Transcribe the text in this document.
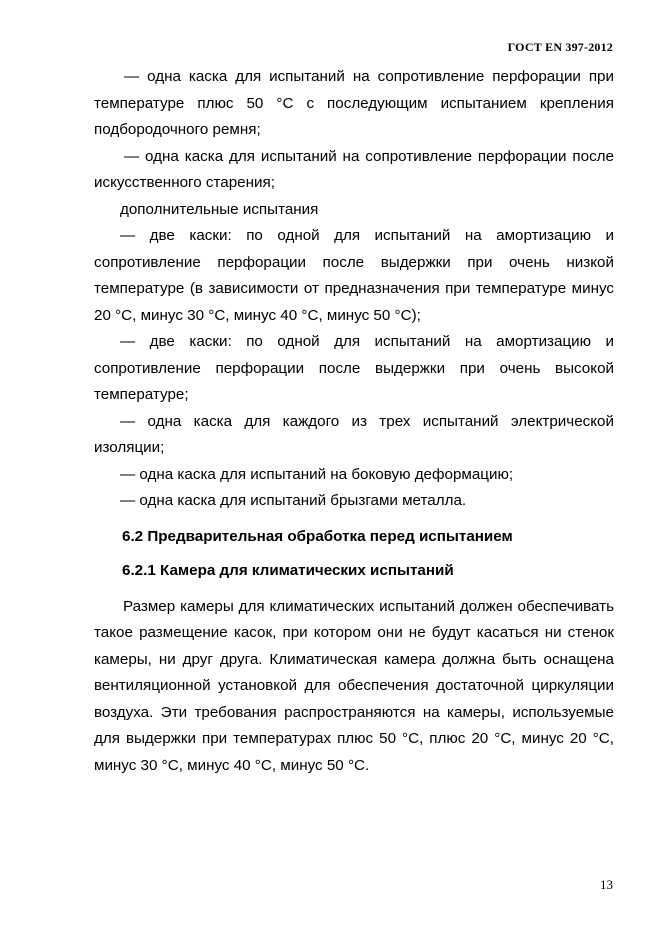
ГОСТ EN 397-2012

— одна каска для испытаний на сопротивление перфорации при температуре плюс 50 °С с последующим испытанием крепления подбородочного ремня;

— одна каска для испытаний на сопротивление перфорации после искусственного старения;

дополнительные испытания

— две каски: по одной для испытаний на амортизацию и сопротивление перфорации после выдержки при очень низкой температуре (в зависимости от предназначения при температуре минус 20 °С, минус 30 °С, минус 40 °С, минус 50 °С);

— две каски: по одной для испытаний на амортизацию и сопротивление перфорации после выдержки при очень высокой температуре;

— одна каска для каждого из трех испытаний электрической изоляции;

— одна каска для испытаний на боковую деформацию;

— одна каска для испытаний брызгами металла.

6.2 Предварительная обработка перед испытанием

6.2.1 Камера для климатических испытаний

Размер камеры для климатических испытаний должен обеспечивать такое размещение касок, при котором они не будут касаться ни стенок камеры, ни друг друга. Климатическая камера должна быть оснащена вентиляционной установкой для обеспечения достаточной циркуляции воздуха. Эти требования распространяются на камеры, используемые для выдержки при температурах плюс 50 °С, плюс 20 °С, минус 20 °С, минус 30 °С, минус 40 °С, минус 50 °С.

13
